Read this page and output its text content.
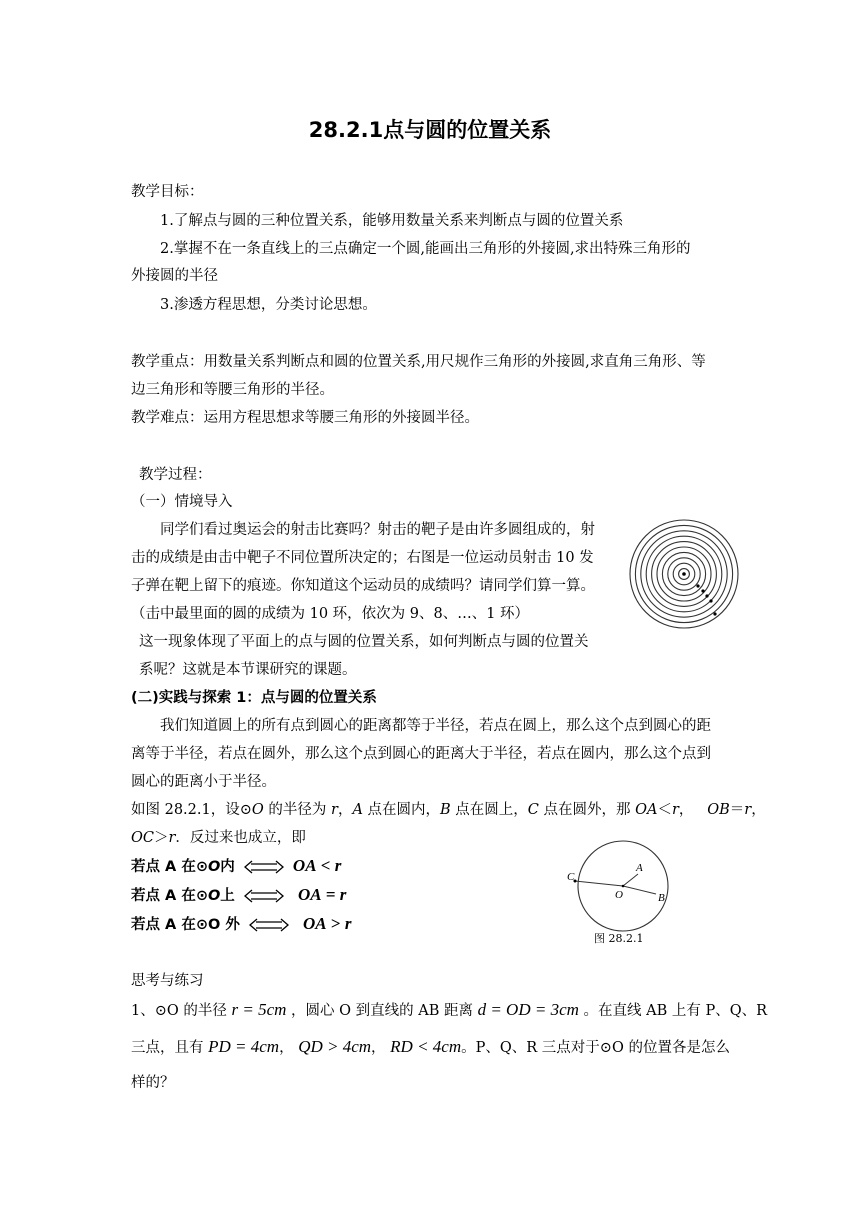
28.2.1点与圆的位置关系
教学目标：
1.了解点与圆的三种位置关系，能够用数量关系来判断点与圆的位置关系
2.掌握不在一条直线上的三点确定一个圆,能画出三角形的外接圆,求出特殊三角形的
外接圆的半径
3.渗透方程思想，分类讨论思想。
教学重点：用数量关系判断点和圆的位置关系,用尺规作三角形的外接圆,求直角三角形、等
边三角形和等腰三角形的半径。
教学难点：运用方程思想求等腰三角形的外接圆半径。
教学过程：
（一）情境导入
同学们看过奥运会的射击比赛吗？射击的靶子是由许多圆组成的，射
击的成绩是由击中靶子不同位置所决定的；右图是一位运动员射击 10 发
子弹在靶上留下的痕迹。你知道这个运动员的成绩吗？请同学们算一算。
（击中最里面的圆的成绩为 10 环，依次为 9、8、…、1 环）
这一现象体现了平面上的点与圆的位置关系，如何判断点与圆的位置关
系呢？这就是本节课研究的课题。
(二)实践与探索 1：点与圆的位置关系
我们知道圆上的所有点到圆心的距离都等于半径，若点在圆上，那么这个点到圆心的距
离等于半径，若点在圆外，那么这个点到圆心的距离大于半径，若点在圆内，那么这个点到
圆心的距离小于半径。
如图 28.2.1，设⊙O 的半径为 r，A 点在圆内，B 点在圆上，C 点在圆外，那 OA＜r， OB＝r，
OC＞r．反过来也成立，即
若点 A 在⊙O内	OA < r
若点 A 在⊙O上	OA = r
若点 A 在⊙O 外	OA > r
C
A
O	B
图 28.2.1
思考与练习
1、⊙O 的半径 r = 5cm ，圆心 O 到直线的 AB 距离 d = OD = 3cm 。在直线 AB 上有 P、Q、R
三点，且有 PD = 4cm， QD > 4cm， RD < 4cm。P、Q、R 三点对于⊙O 的位置各是怎么
样的？
